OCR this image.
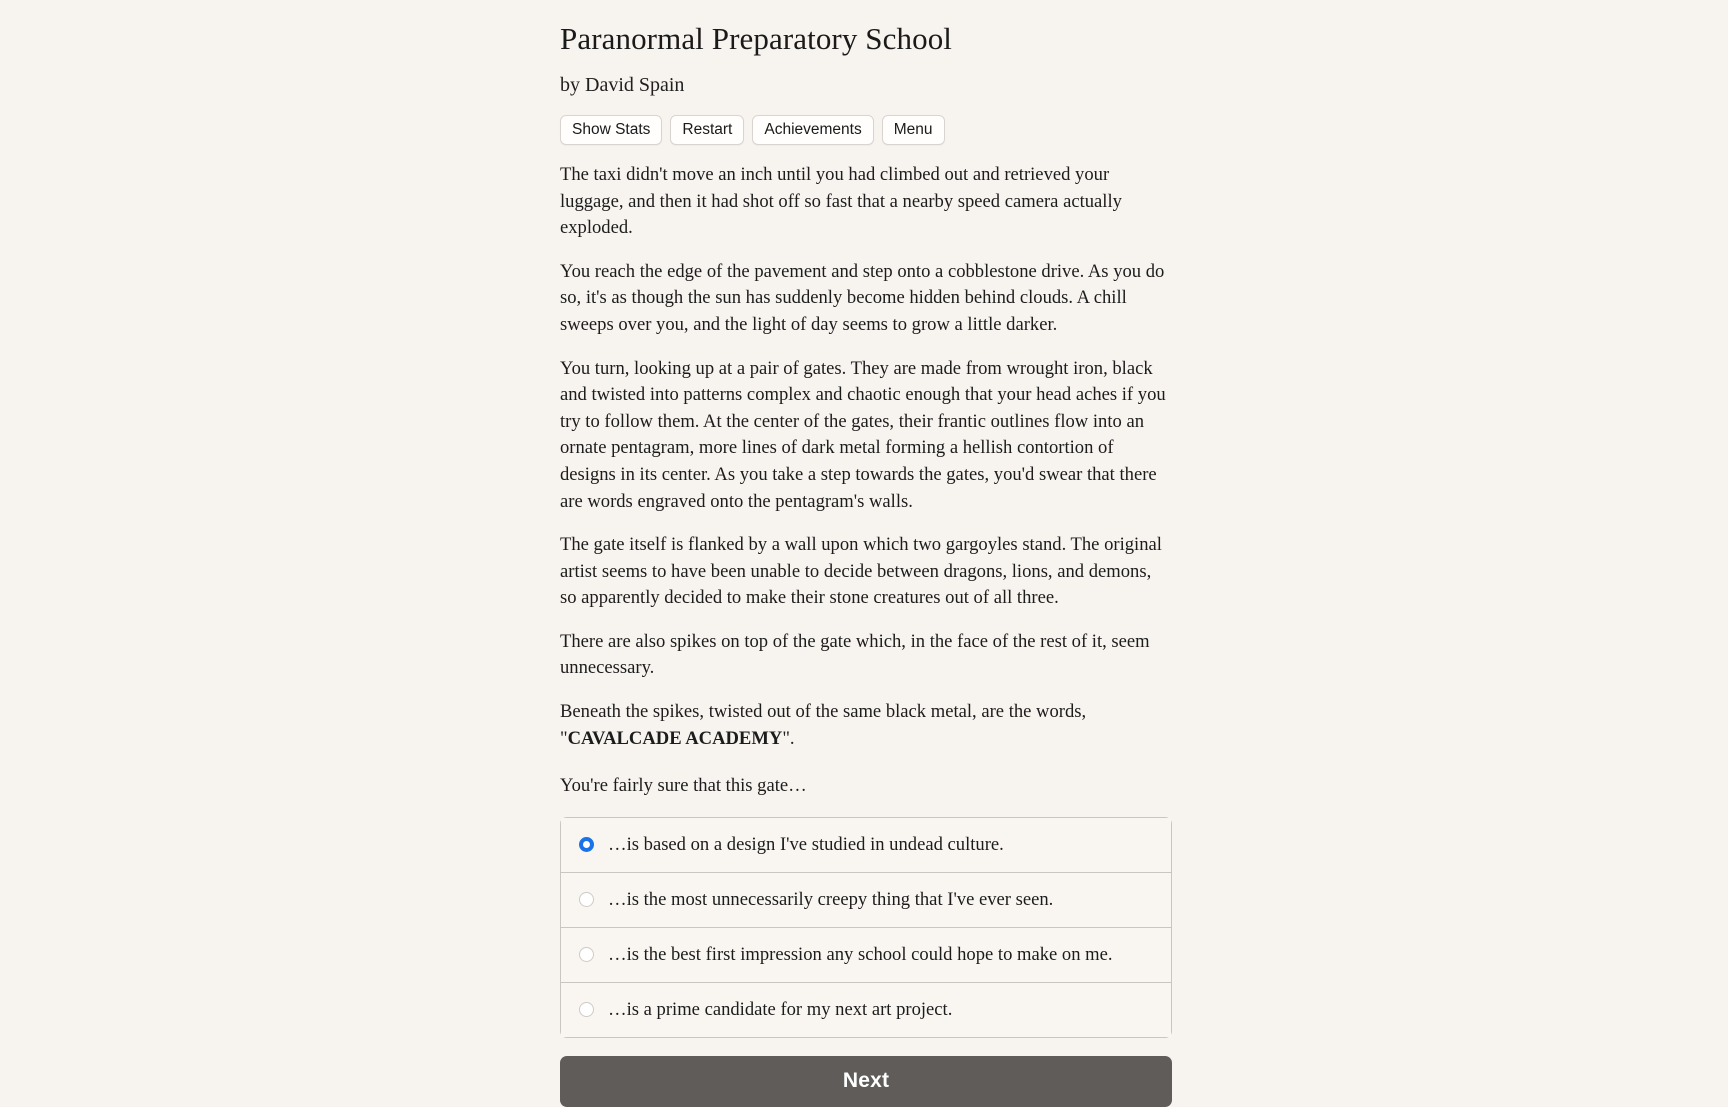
Paranormal Preparatory School
by David Spain
Show Stats	Restart	Achievements	Menu

The taxi didn't move an inch until you had climbed out and retrieved your luggage, and then it had shot off so fast that a nearby speed camera actually exploded.

You reach the edge of the pavement and step onto a cobblestone drive. As you do so, it's as though the sun has suddenly become hidden behind clouds. A chill sweeps over you, and the light of day seems to grow a little darker.

You turn, looking up at a pair of gates. They are made from wrought iron, black and twisted into patterns complex and chaotic enough that your head aches if you try to follow them. At the center of the gates, their frantic outlines flow into an ornate pentagram, more lines of dark metal forming a hellish contortion of designs in its center. As you take a step towards the gates, you'd swear that there are words engraved onto the pentagram's walls.

The gate itself is flanked by a wall upon which two gargoyles stand. The original artist seems to have been unable to decide between dragons, lions, and demons, so apparently decided to make their stone creatures out of all three.

There are also spikes on top of the gate which, in the face of the rest of it, seem unnecessary.

Beneath the spikes, twisted out of the same black metal, are the words, "CAVALCADE ACADEMY".

You're fairly sure that this gate…

…is based on a design I've studied in undead culture.
…is the most unnecessarily creepy thing that I've ever seen.
…is the best first impression any school could hope to make on me.
…is a prime candidate for my next art project.
Next
